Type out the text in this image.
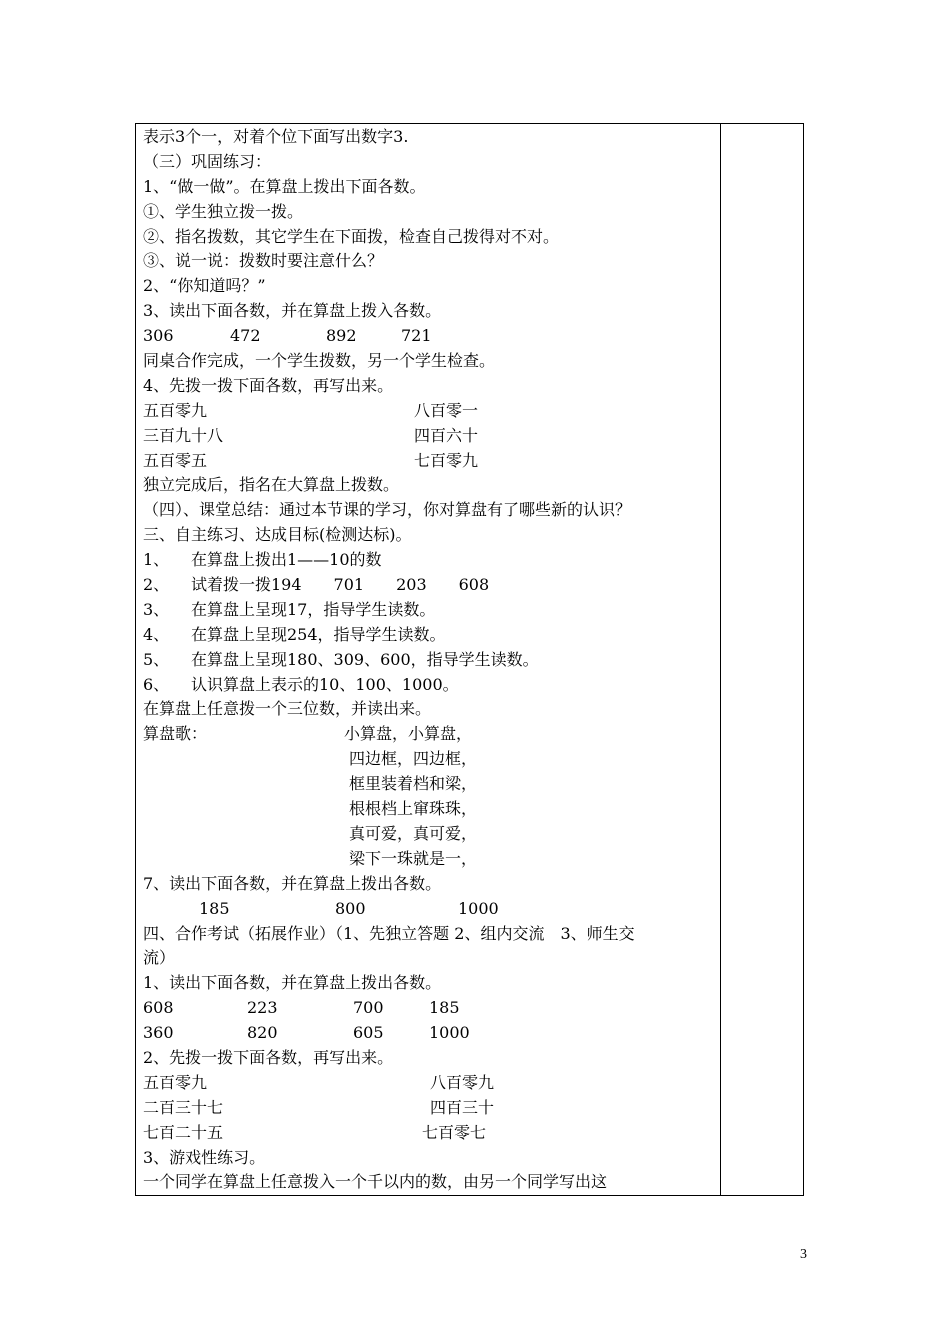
表示3个一，对着个位下面写出数字3.
（三）巩固练习：
1、“做一做”。在算盘上拨出下面各数。
①、学生独立拨一拨。
②、指名拨数，其它学生在下面拨，检查自己拨得对不对。
③、说一说：拨数时要注意什么？
2、“你知道吗？”
3、读出下面各数，并在算盘上拨入各数。
306	472	892	721
同桌合作完成，一个学生拨数，另一个学生检查。
4、先拨一拨下面各数，再写出来。
五百零九	八百零一
三百九十八	四百六十
五百零五	七百零九
独立完成后，指名在大算盘上拨数。
（四）、课堂总结：通过本节课的学习，你对算盘有了哪些新的认识？
三、自主练习、达成目标(检测达标)。
1、 在算盘上拨出1——10的数
2、 试着拨一拨194　　701　　203　　608
3、 在算盘上呈现17，指导学生读数。
4、 在算盘上呈现254，指导学生读数。
5、 在算盘上呈现180、309、600，指导学生读数。
6、 认识算盘上表示的10、100、1000。
在算盘上任意拨一个三位数，并读出来。
算盘歌：	小算盘，小算盘，
四边框，四边框，
框里装着档和梁，
根根档上窜珠珠，
真可爱，真可爱，
梁下一珠就是一，
7、读出下面各数，并在算盘上拨出各数。
185	800	1000
四、合作考试（拓展作业）（1、先独立答题 2、组内交流　3、师生交
流）
1、读出下面各数，并在算盘上拨出各数。
608	223	700	185
360	820	605	1000
2、先拨一拨下面各数，再写出来。
五百零九	八百零九
二百三十七	四百三十
七百二十五	七百零七
3、游戏性练习。
一个同学在算盘上任意拨入一个千以内的数，由另一个同学写出这
3
